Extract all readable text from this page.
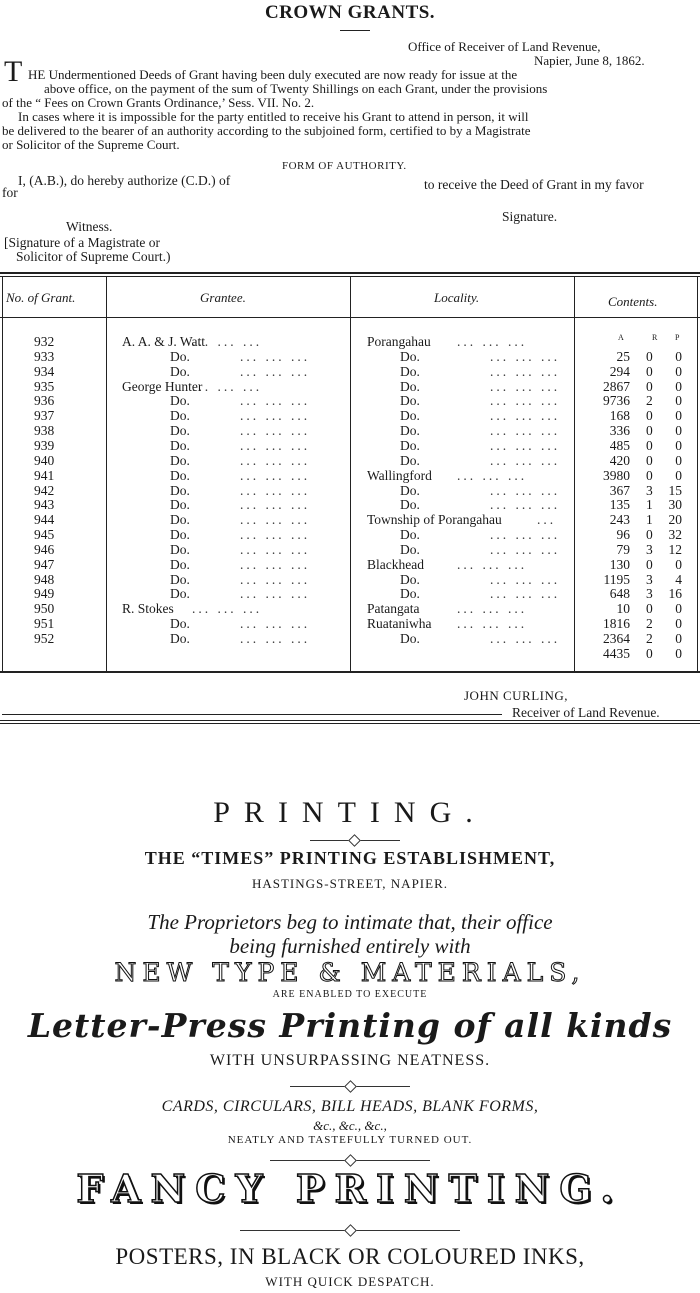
CROWN GRANTS.
Office of Receiver of Land Revenue,
Napier, June 8, 1862.
T HE Undermentioned Deeds of Grant having been duly executed are now ready for issue at the
above office, on the payment of the sum of Twenty Shillings on each Grant, under the provisions
of the “ Fees on Crown Grants Ordinance,’ Sess. VII. No. 2.
In cases where it is impossible for the party entitled to receive his Grant to attend in person, it will
be delivered to the bearer of an authority according to the subjoined form, certified to by a Magistrate
or Solicitor of the Supreme Court.
FORM OF AUTHORITY.
I, (A.B.), do hereby authorize (C.D.) of	to receive the Deed of Grant in my favor
for
Witness.
Signature.
[Signature of a Magistrate or
Solicitor of Supreme Court.)
No. of Grant.	Grantee.	Locality.	Contents.
A	R P
932	A. A. & J. Watt	Porangahau
... ... ...	... ... ...
933	Do.	Do.	25 0 0
... ... ...	... ... ...
934	Do.	Do.	294 0 0
... ... ...	... ... ...
935	George Hunter	Do.	2867 0 0
... ... ...	... ... ...
936	Do.	Do.	9736 2 0
... ... ...	... ... ...
937	Do.	Do.	168 0 0
... ... ...	... ... ...
938	Do.	Do.	336 0 0
... ... ...	... ... ...
939	Do.	Do.	485 0 0
... ... ...	... ... ...
940	Do.	Do.	420 0 0
... ... ...	... ... ...
941	Do.	Wallingford	3980 0 0
... ... ...	... ... ...
942	Do.	Do.	367 3 15
... ... ...	... ... ...
943	Do.	Do.	135 1 30
... ... ...	... ... ...
944	Do.	Township of Porangahau	243 1 20
... ... ...	...
945	Do.	Do.	96 0 32
... ... ...	... ... ...
946	Do.	Do.	79 3 12
... ... ...	... ... ...
947	Do.	Blackhead	130 0 0
... ... ...	... ... ...
948	Do.	Do.	1195 3 4
... ... ...	... ... ...
949	Do.	Do.	648 3 16
... ... ...	... ... ...
950	R. Stokes	Patangata	10 0 0
... ... ...	... ... ...
951	Do.	Ruataniwha	1816 2 0
... ... ...	... ... ...
952	Do.	Do.	2364 2 0
... ... ...	... ... ...
4435 0 0
JOHN CURLING,
Receiver of Land Revenue.
PRINTING.
THE “TIMES” PRINTING ESTABLISHMENT,
HASTINGS-STREET, NAPIER.
The Proprietors beg to intimate that, their office
being furnished entirely with
NEW TYPE & MATERIALS,
ARE ENABLED TO EXECUTE
Letter-Press Printing of all kinds
WITH UNSURPASSING NEATNESS.
CARDS, CIRCULARS, BILL HEADS, BLANK FORMS,
&c., &c., &c.,
NEATLY AND TASTEFULLY TURNED OUT.
FANCY PRINTING.
POSTERS, IN BLACK OR COLOURED INKS,
WITH QUICK DESPATCH.
